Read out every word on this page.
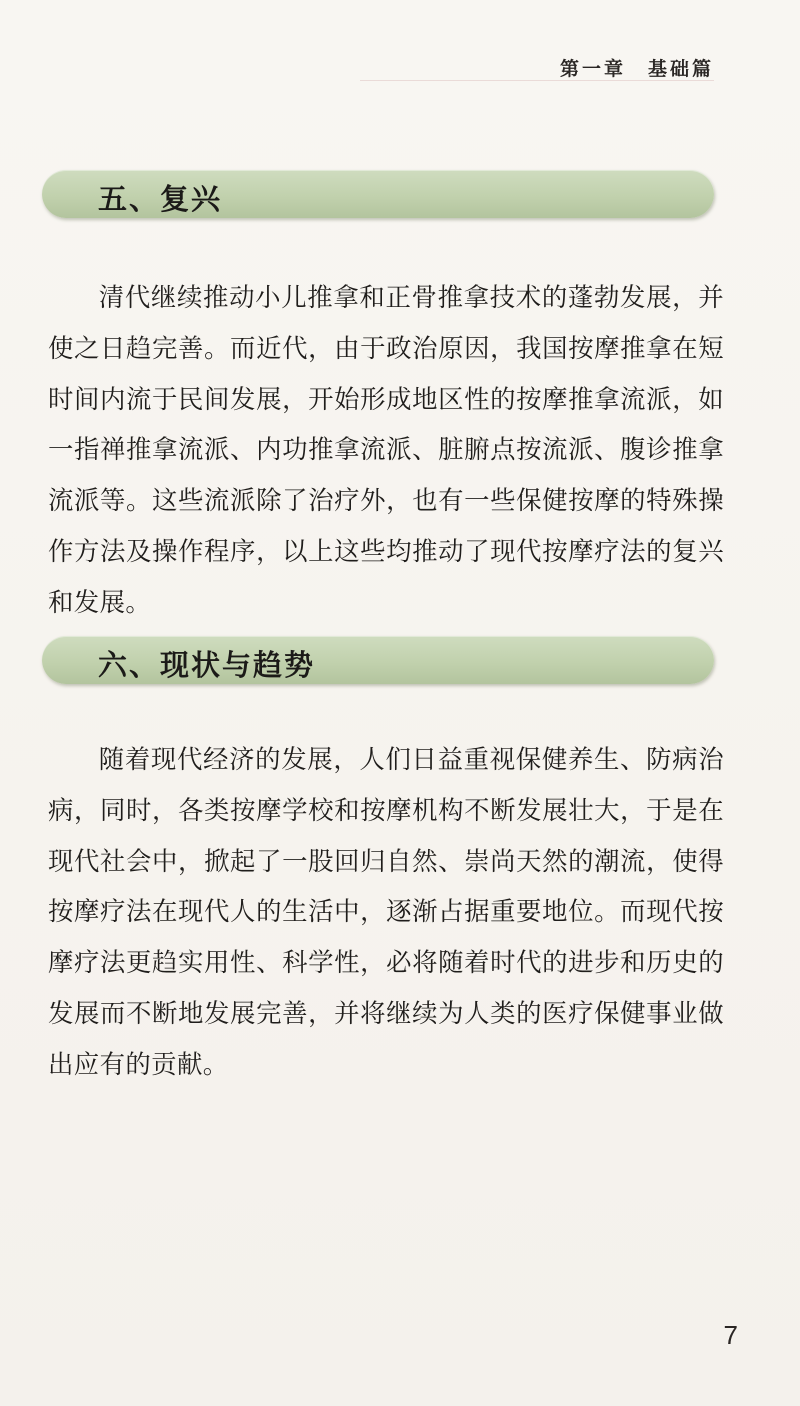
第一章　基础篇
五、复兴

清代继续推动小儿推拿和正骨推拿技术的蓬勃发展，并使之日趋完善。而近代，由于政治原因，我国按摩推拿在短时间内流于民间发展，开始形成地区性的按摩推拿流派，如一指禅推拿流派、内功推拿流派、脏腑点按流派、腹诊推拿流派等。这些流派除了治疗外，也有一些保健按摩的特殊操作方法及操作程序，以上这些均推动了现代按摩疗法的复兴和发展。

六、现状与趋势

随着现代经济的发展，人们日益重视保健养生、防病治病，同时，各类按摩学校和按摩机构不断发展壮大，于是在现代社会中，掀起了一股回归自然、崇尚天然的潮流，使得按摩疗法在现代人的生活中，逐渐占据重要地位。而现代按摩疗法更趋实用性、科学性，必将随着时代的进步和历史的发展而不断地发展完善，并将继续为人类的医疗保健事业做出应有的贡献。

7
